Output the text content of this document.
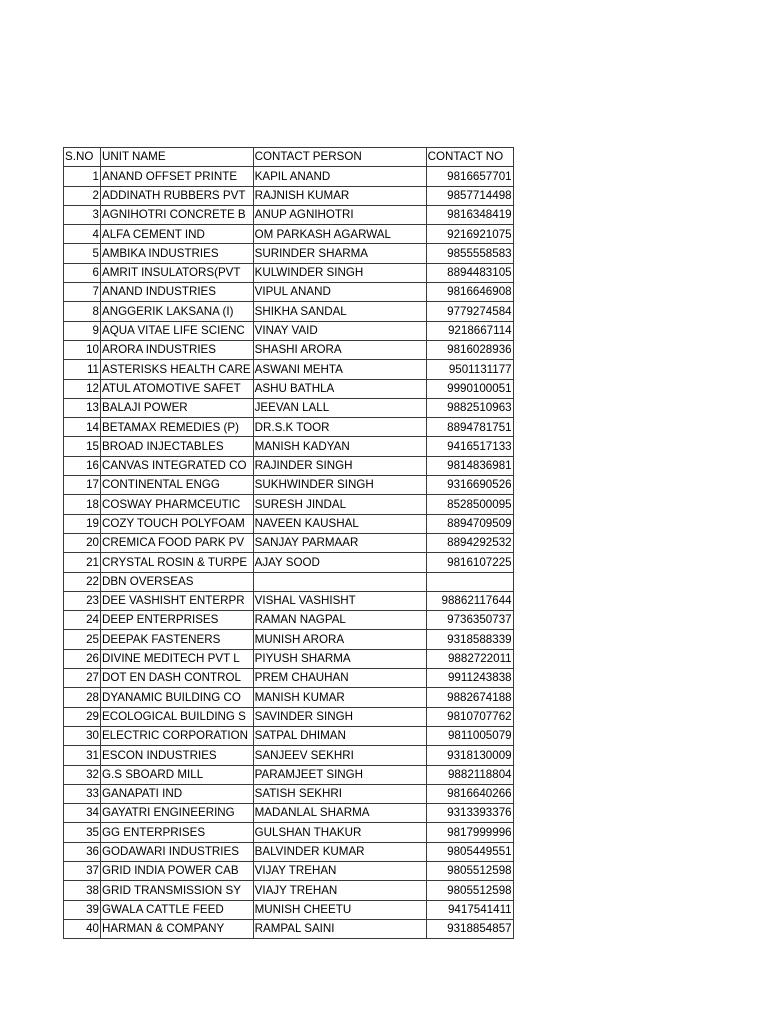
S.NO	UNIT NAME	CONTACT PERSON	CONTACT NO
1	ANAND OFFSET PRINTE	KAPIL ANAND	9816657701
2	ADDINATH RUBBERS PVT	RAJNISH KUMAR	9857714498
3	AGNIHOTRI CONCRETE B	ANUP AGNIHOTRI	9816348419
4	ALFA CEMENT IND	OM PARKASH AGARWAL	9216921075
5	AMBIKA INDUSTRIES	SURINDER SHARMA	9855558583
6	AMRIT INSULATORS(PVT	KULWINDER SINGH	8894483105
7	ANAND INDUSTRIES	VIPUL ANAND	9816646908
8	ANGGERIK LAKSANA (I)	SHIKHA SANDAL	9779274584
9	AQUA VITAE LIFE SCIENC	VINAY VAID	9218667114
10	ARORA INDUSTRIES	SHASHI ARORA	9816028936
11	ASTERISKS HEALTH CARE	ASWANI MEHTA	9501131177
12	ATUL ATOMOTIVE SAFET	ASHU BATHLA	9990100051
13	BALAJI POWER	JEEVAN LALL	9882510963
14	BETAMAX REMEDIES (P)	DR.S.K TOOR	8894781751
15	BROAD INJECTABLES	MANISH KADYAN	9416517133
16	CANVAS INTEGRATED CO	RAJINDER SINGH	9814836981
17	CONTINENTAL ENGG	SUKHWINDER SINGH	9316690526
18	COSWAY PHARMCEUTIC	SURESH JINDAL	8528500095
19	COZY TOUCH POLYFOAM	NAVEEN KAUSHAL	8894709509
20	CREMICA FOOD PARK PV	SANJAY PARMAAR	8894292532
21	CRYSTAL ROSIN & TURPE	AJAY SOOD	9816107225
22	DBN OVERSEAS		
23	DEE VASHISHT ENTERPR	VISHAL VASHISHT	98862117644
24	DEEP ENTERPRISES	RAMAN NAGPAL	9736350737
25	DEEPAK FASTENERS	MUNISH ARORA	9318588339
26	DIVINE MEDITECH PVT L	PIYUSH SHARMA	9882722011
27	DOT EN DASH CONTROL	PREM CHAUHAN	9911243838
28	DYANAMIC BUILDING CO	MANISH KUMAR	9882674188
29	ECOLOGICAL BUILDING S	SAVINDER SINGH	9810707762
30	ELECTRIC CORPORATION	SATPAL DHIMAN	9811005079
31	ESCON INDUSTRIES	SANJEEV SEKHRI	9318130009
32	G.S SBOARD MILL	PARAMJEET SINGH	9882118804
33	GANAPATI IND	SATISH SEKHRI	9816640266
34	GAYATRI ENGINEERING	MADANLAL SHARMA	9313393376
35	GG ENTERPRISES	GULSHAN THAKUR	9817999996
36	GODAWARI INDUSTRIES	BALVINDER KUMAR	9805449551
37	GRID INDIA POWER CAB	VIJAY TREHAN	9805512598
38	GRID TRANSMISSION SY	VIAJY TREHAN	9805512598
39	GWALA CATTLE FEED	MUNISH CHEETU	9417541411
40	HARMAN & COMPANY	RAMPAL SAINI	9318854857
